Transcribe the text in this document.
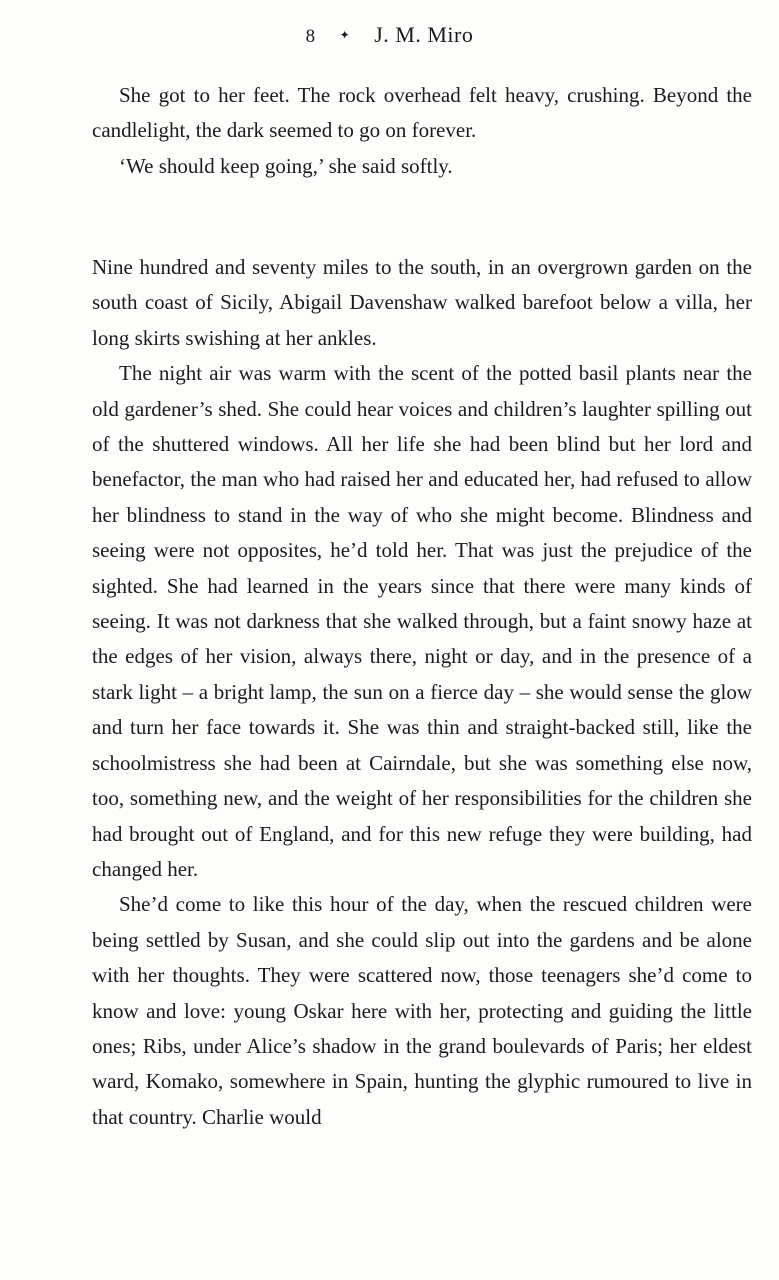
8 ✦ J. M. Miro

She got to her feet. The rock overhead felt heavy, crushing. Beyond the candlelight, the dark seemed to go on forever.

‘We should keep going,’ she said softly.

Nine hundred and seventy miles to the south, in an overgrown garden on the south coast of Sicily, Abigail Davenshaw walked barefoot below a villa, her long skirts swishing at her ankles.

The night air was warm with the scent of the potted basil plants near the old gardener’s shed. She could hear voices and children’s laughter spilling out of the shuttered windows. All her life she had been blind but her lord and benefactor, the man who had raised her and educated her, had refused to allow her blindness to stand in the way of who she might become. Blindness and seeing were not opposites, he’d told her. That was just the prejudice of the sighted. She had learned in the years since that there were many kinds of seeing. It was not darkness that she walked through, but a faint snowy haze at the edges of her vision, always there, night or day, and in the presence of a stark light – a bright lamp, the sun on a fierce day – she would sense the glow and turn her face towards it. She was thin and straight-backed still, like the schoolmistress she had been at Cairndale, but she was something else now, too, something new, and the weight of her responsibilities for the children she had brought out of England, and for this new refuge they were building, had changed her.

She’d come to like this hour of the day, when the rescued children were being settled by Susan, and she could slip out into the gardens and be alone with her thoughts. They were scattered now, those teenagers she’d come to know and love: young Oskar here with her, protecting and guiding the little ones; Ribs, under Alice’s shadow in the grand boulevards of Paris; her eldest ward, Komako, somewhere in Spain, hunting the glyphic rumoured to live in that country. Charlie would
